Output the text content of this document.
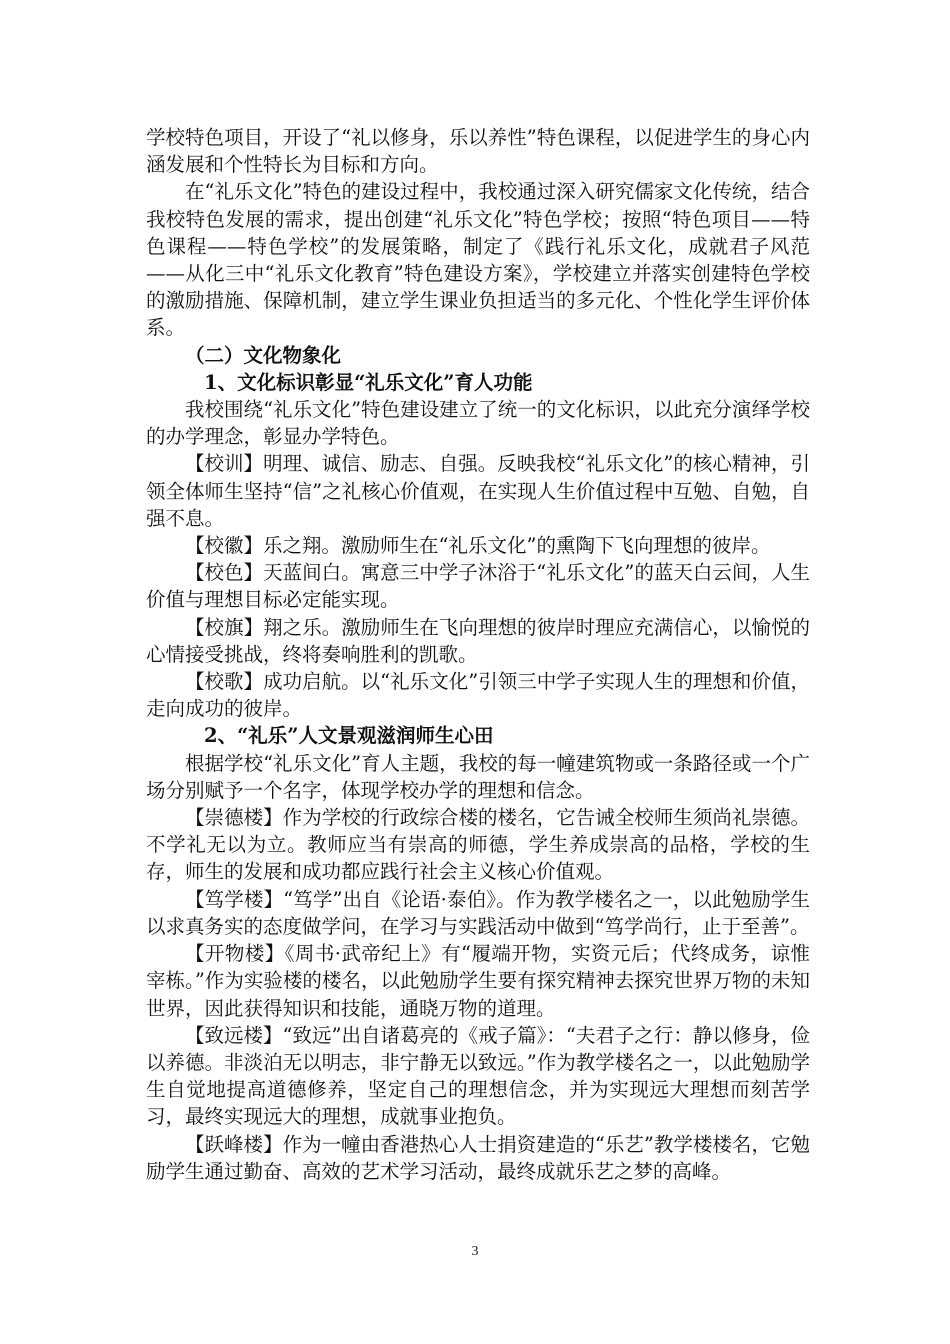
学校特色项目，开设了“礼以修身，乐以养性”特色课程，以促进学生的身心内涵发展和个性特长为目标和方向。

在“礼乐文化”特色的建设过程中，我校通过深入研究儒家文化传统，结合我校特色发展的需求，提出创建“礼乐文化”特色学校；按照“特色项目——特色课程——特色学校”的发展策略，制定了《践行礼乐文化，成就君子风范——从化三中“礼乐文化教育”特色建设方案》，学校建立并落实创建特色学校的激励措施、保障机制，建立学生课业负担适当的多元化、个性化学生评价体系。

（二）文化物象化

1、文化标识彰显“礼乐文化”育人功能

我校围绕“礼乐文化”特色建设建立了统一的文化标识，以此充分演绎学校的办学理念，彰显办学特色。

【校训】明理、诚信、励志、自强。反映我校“礼乐文化”的核心精神，引领全体师生坚持“信”之礼核心价值观，在实现人生价值过程中互勉、自勉，自强不息。

【校徽】乐之翔。激励师生在“礼乐文化”的熏陶下飞向理想的彼岸。

【校色】天蓝间白。寓意三中学子沐浴于“礼乐文化”的蓝天白云间，人生价值与理想目标必定能实现。

【校旗】翔之乐。激励师生在飞向理想的彼岸时理应充满信心，以愉悦的心情接受挑战，终将奏响胜利的凯歌。

【校歌】成功启航。以“礼乐文化”引领三中学子实现人生的理想和价值，走向成功的彼岸。

2、“礼乐”人文景观滋润师生心田

根据学校“礼乐文化”育人主题，我校的每一幢建筑物或一条路径或一个广场分别赋予一个名字，体现学校办学的理想和信念。

【崇德楼】作为学校的行政综合楼的楼名，它告诫全校师生须尚礼崇德。不学礼无以为立。教师应当有崇高的师德，学生养成崇高的品格，学校的生存，师生的发展和成功都应践行社会主义核心价值观。

【笃学楼】“笃学”出自《论语·泰伯》。作为教学楼名之一，以此勉励学生以求真务实的态度做学问，在学习与实践活动中做到“笃学尚行，止于至善”。

【开物楼】《周书·武帝纪上》有“履端开物，实资元后；代终成务，谅惟宰栋。”作为实验楼的楼名，以此勉励学生要有探究精神去探究世界万物的未知世界，因此获得知识和技能，通晓万物的道理。

【致远楼】“致远”出自诸葛亮的《戒子篇》：“夫君子之行：静以修身，俭以养德。非淡泊无以明志，非宁静无以致远。”作为教学楼名之一，以此勉励学生自觉地提高道德修养，坚定自己的理想信念，并为实现远大理想而刻苦学习，最终实现远大的理想，成就事业抱负。

【跃峰楼】作为一幢由香港热心人士捐资建造的“乐艺”教学楼楼名，它勉励学生通过勤奋、高效的艺术学习活动，最终成就乐艺之梦的高峰。

3
